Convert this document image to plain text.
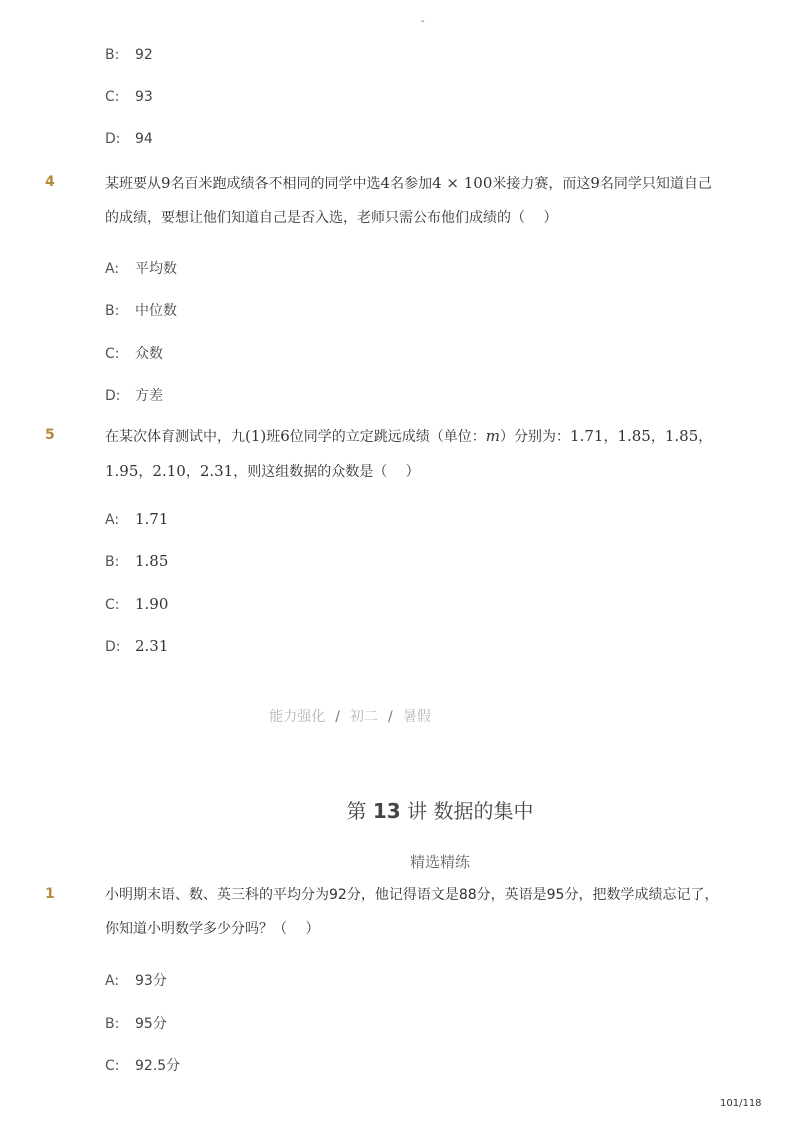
-
B: 92
C: 93
D: 94
4	某班要从9名百米跑成绩各不相同的同学中选4名参加4 × 100米接力赛，而这9名同学只知道自己的成绩，要想让他们知道自己是否入选，老师只需公布他们成绩的（　 ）
A: 平均数
B: 中位数
C: 众数
D: 方差
5	在某次体育测试中，九(1)班6位同学的立定跳远成绩（单位：m）分别为：1.71，1.85，1.85，1.95，2.10，2.31，则这组数据的众数是（　 ）
A: 1.71
B: 1.85
C: 1.90
D: 2.31
能力强化 / 初二 / 暑假
第 13 讲 数据的集中
精选精练
1	小明期末语、数、英三科的平均分为92分，他记得语文是88分，英语是95分，把数学成绩忘记了，你知道小明数学多少分吗？（　 ）
A: 93分
B: 95分
C: 92.5分
101/118
